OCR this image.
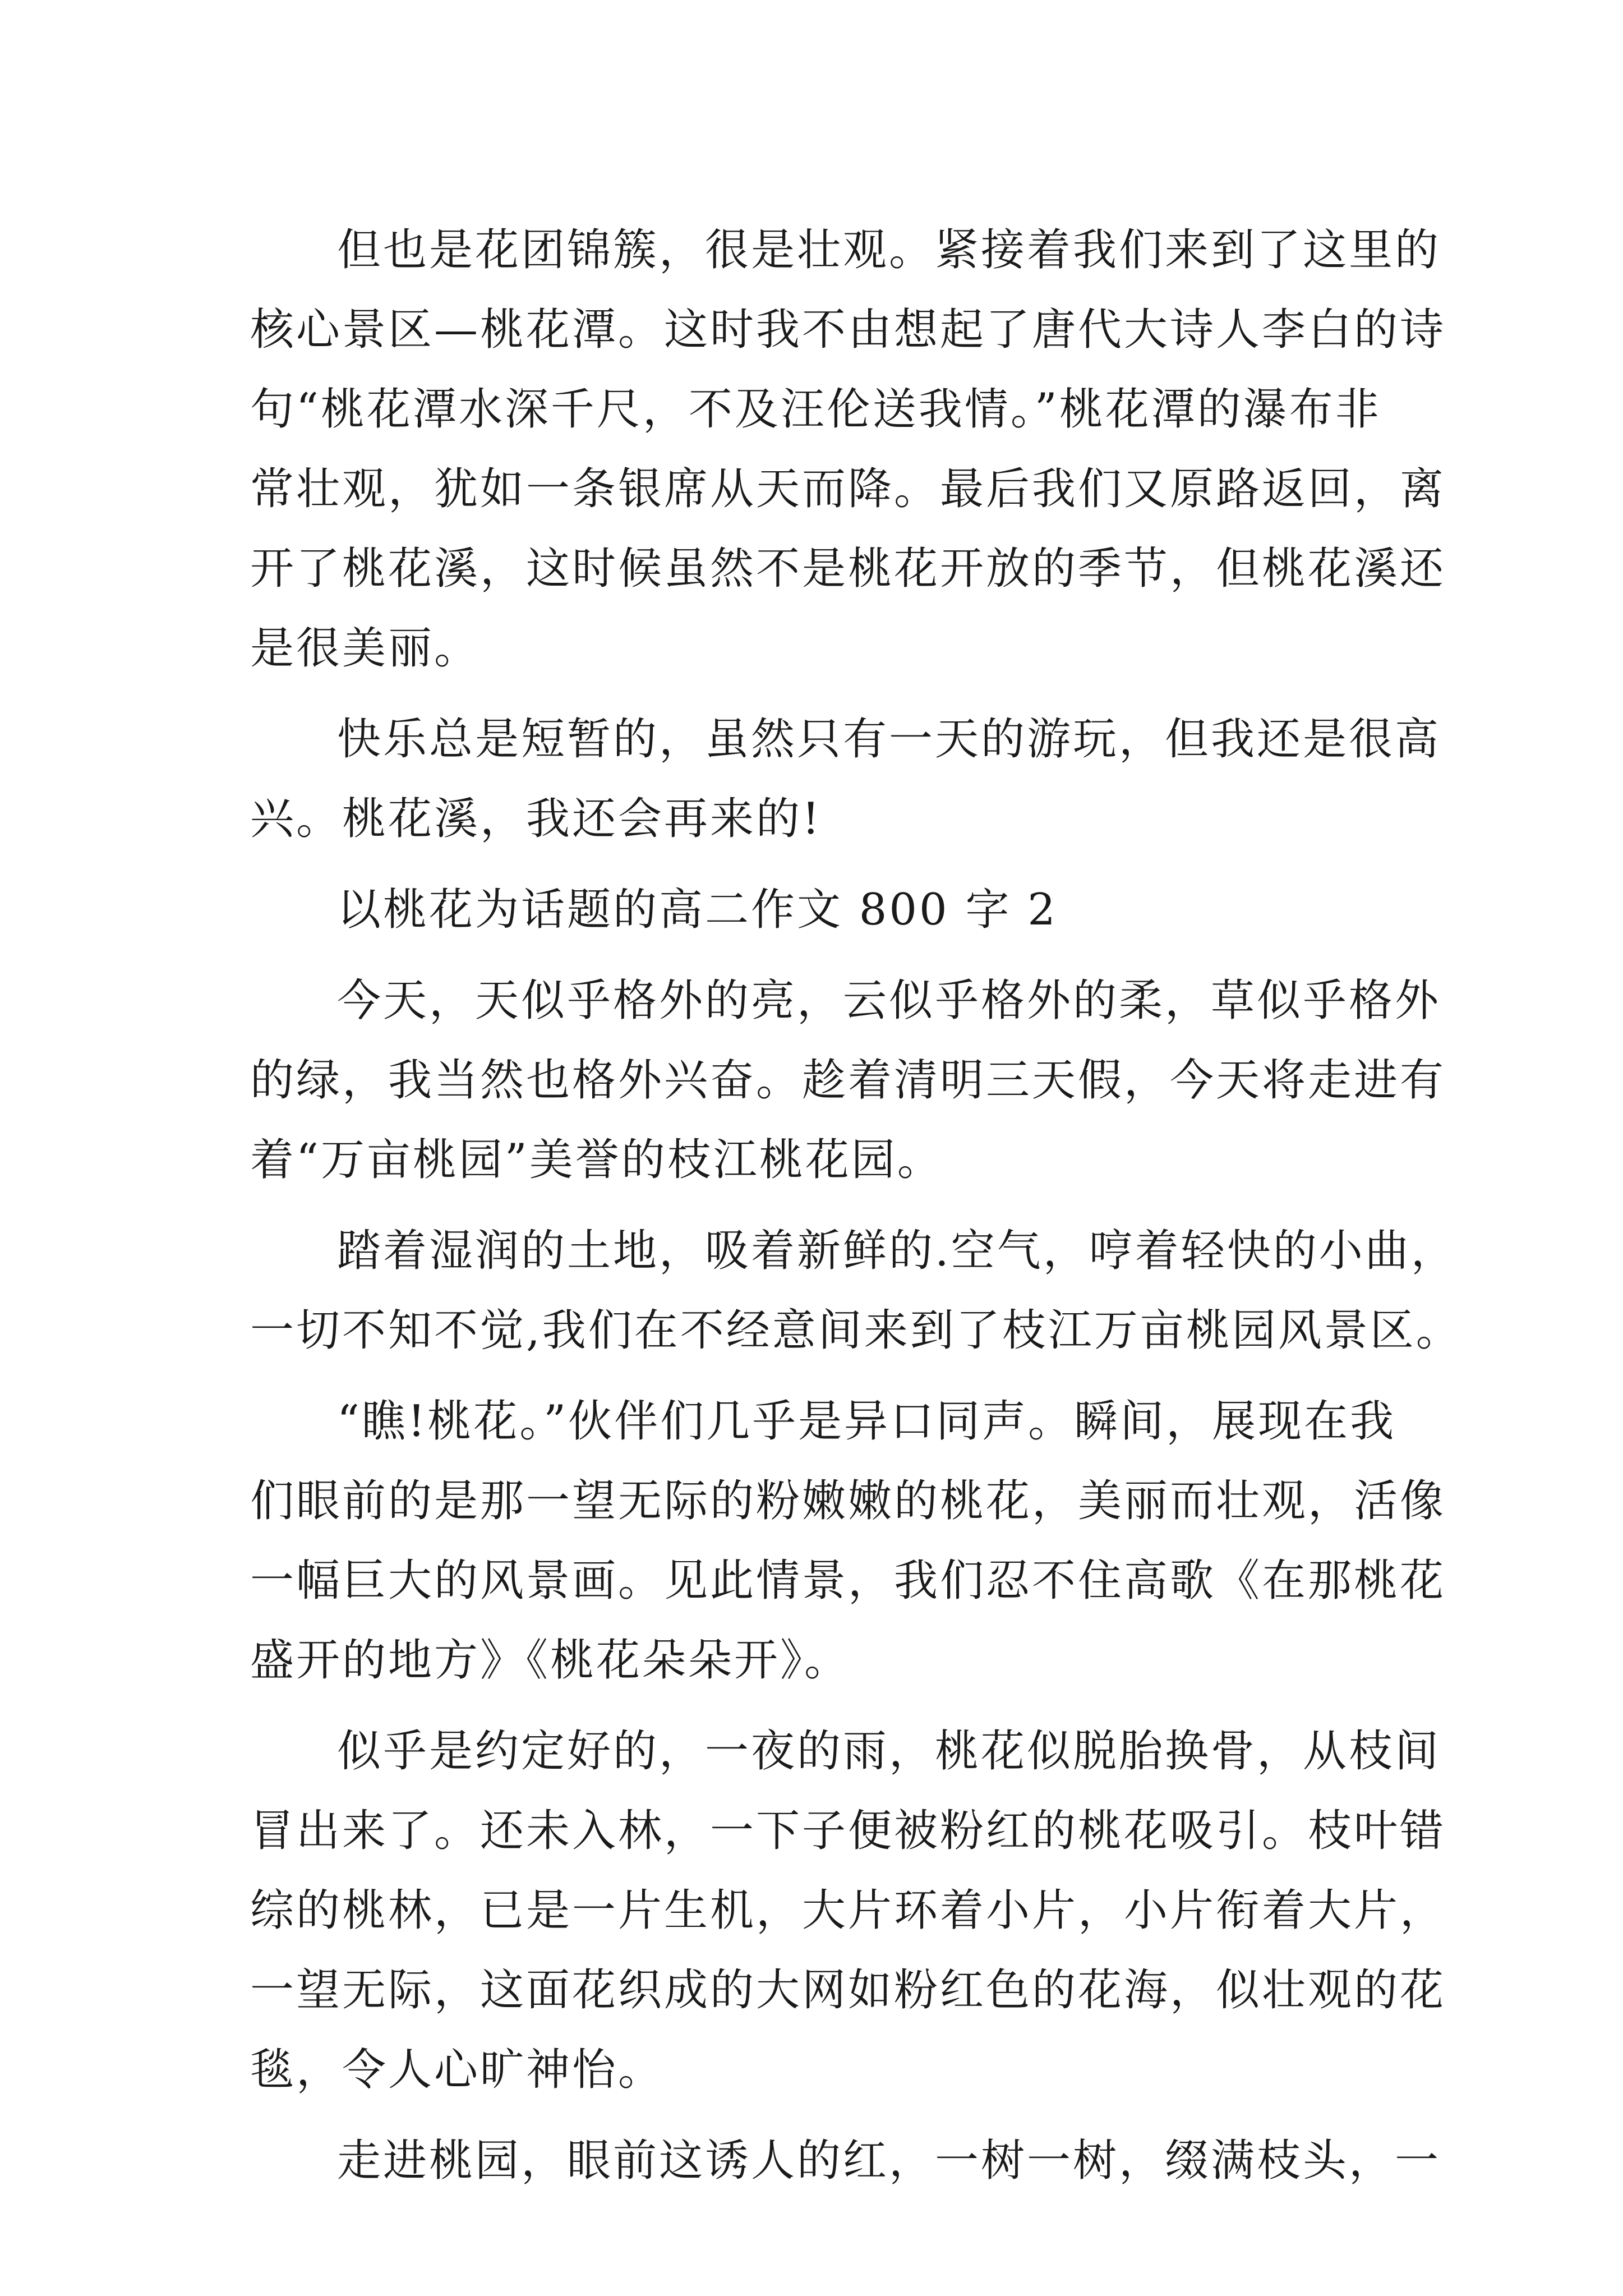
但也是花团锦簇，很是壮观。紧接着我们来到了这里的
核心景区—桃花潭。这时我不由想起了唐代大诗人李白的诗
句“桃花潭水深千尺，不及汪伦送我情。”桃花潭的瀑布非
常壮观，犹如一条银席从天而降。最后我们又原路返回，离
开了桃花溪，这时候虽然不是桃花开放的季节，但桃花溪还
是很美丽。
快乐总是短暂的，虽然只有一天的游玩，但我还是很高
兴。桃花溪，我还会再来的!
以桃花为话题的高二作文 800 字 2
今天，天似乎格外的亮，云似乎格外的柔，草似乎格外
的绿，我当然也格外兴奋。趁着清明三天假，今天将走进有
着“万亩桃园”美誉的枝江桃花园。
踏着湿润的土地，吸着新鲜的.空气，哼着轻快的小曲，
一切不知不觉,我们在不经意间来到了枝江万亩桃园风景区。
“瞧!桃花。”伙伴们几乎是异口同声。瞬间，展现在我
们眼前的是那一望无际的粉嫩嫩的桃花，美丽而壮观，活像
一幅巨大的风景画。见此情景，我们忍不住高歌《在那桃花
盛开的地方》《桃花朵朵开》。
似乎是约定好的，一夜的雨，桃花似脱胎换骨，从枝间
冒出来了。还未入林，一下子便被粉红的桃花吸引。枝叶错
综的桃林，已是一片生机，大片环着小片，小片衔着大片，
一望无际，这面花织成的大网如粉红色的花海，似壮观的花
毯，令人心旷神怡。
走进桃园，眼前这诱人的红，一树一树，缀满枝头，一
